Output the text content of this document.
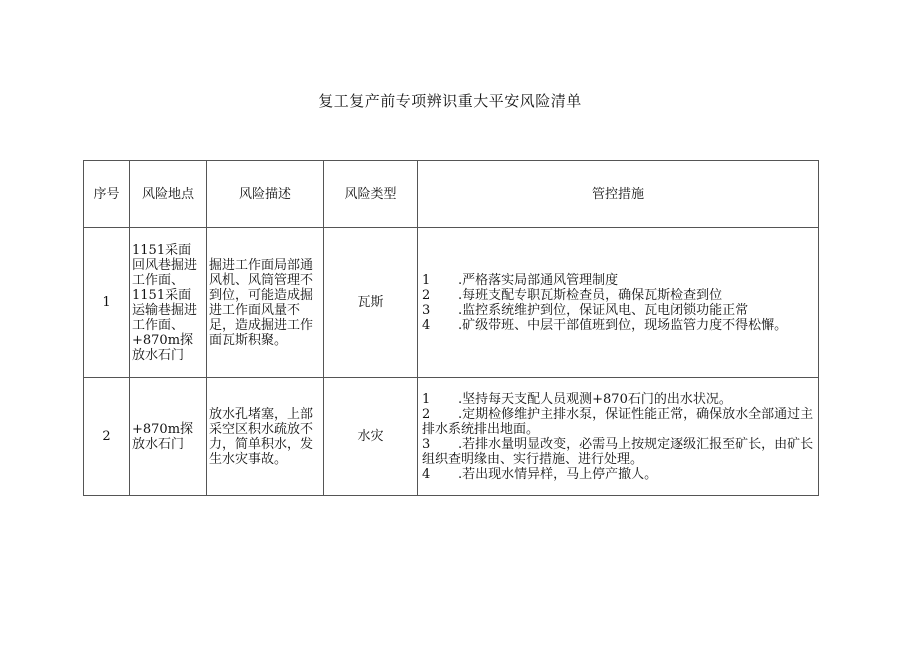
复工复产前专项辨识重大平安风险清单
序号	风险地点	风险描述	风险类型	管控措施
1	1151采面回风巷掘进工作面、1151采面运输巷掘进工作面、+870m探放水石门	掘进工作面局部通风机、风筒管理不到位，可能造成掘进工作面风量不足，造成掘进工作面瓦斯积聚。	瓦斯	1 .严格落实局部通风管理制度
2 .每班支配专职瓦斯检查员，确保瓦斯检查到位
3 .监控系统维护到位，保证风电、瓦电闭锁功能正常
4 .矿级带班、中层干部值班到位，现场监管力度不得松懈。

2	+870m探放水石门	放水孔堵塞，上部采空区积水疏放不力，简单积水，发生水灾事故。	水灾	1 .坚持每天支配人员观测+870石门的出水状况。
2 .定期检修维护主排水泵，保证性能正常，确保放水全部通过主排水系统排出地面。
3 .若排水量明显改变，必需马上按规定逐级汇报至矿长，由矿长组织查明缘由、实行措施、进行处理。
4 .若出现水情异样，马上停产撤人。
